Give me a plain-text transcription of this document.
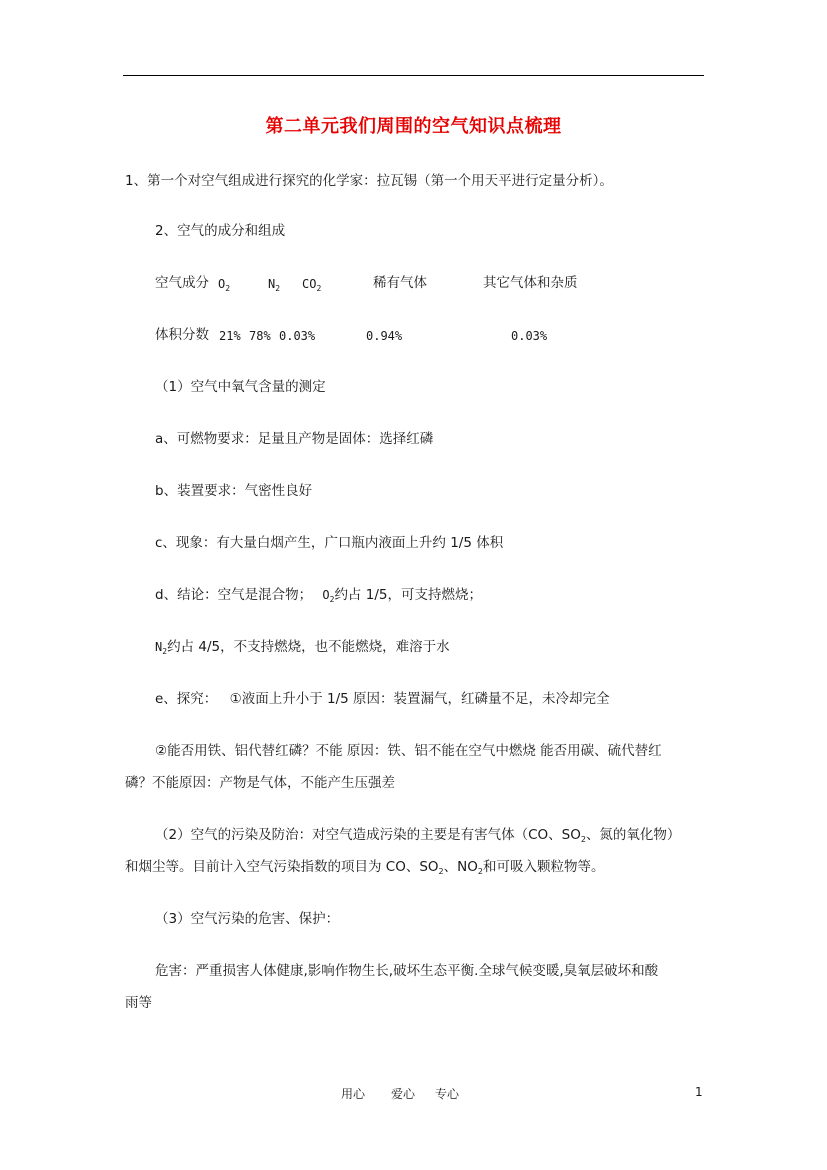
第二单元我们周围的空气知识点梳理
1、第一个对空气组成进行探究的化学家：拉瓦锡（第一个用天平进行定量分析）。
2、空气的成分和组成
空气成分 $O_2$	$N_2$ $CO_2$	稀有气体	其它气体和杂质
体积分数 21% 78% 0.03%	0.94%	0.03%
（1）空气中氧气含量的测定
a、可燃物要求：足量且产物是固体：选择红磷
b、装置要求：气密性良好
c、现象：有大量白烟产生，广口瓶内液面上升约 1/5 体积
d、结论：空气是混合物； $O_2$约占 1/5，可支持燃烧；
$N_2$约占 4/5，不支持燃烧，也不能燃烧，难溶于水
e、探究： ①液面上升小于 1/5 原因：装置漏气，红磷量不足，未冷却完全
②能否用铁、铝代替红磷？不能 原因：铁、铝不能在空气中燃烧 能否用碳、硫代替红
磷？不能原因：产物是气体，不能产生压强差
（2）空气的污染及防治：对空气造成污染的主要是有害气体（CO、$SO_2$、氮的氧化物）
和烟尘等。目前计入空气污染指数的项目为 CO、$SO_2$、$NO_2$和可吸入颗粒物等。
（3）空气污染的危害、保护：
危害：严重损害人体健康,影响作物生长,破坏生态平衡.全球气候变暖,臭氧层破坏和酸
雨等
用心 爱心 专心	1
